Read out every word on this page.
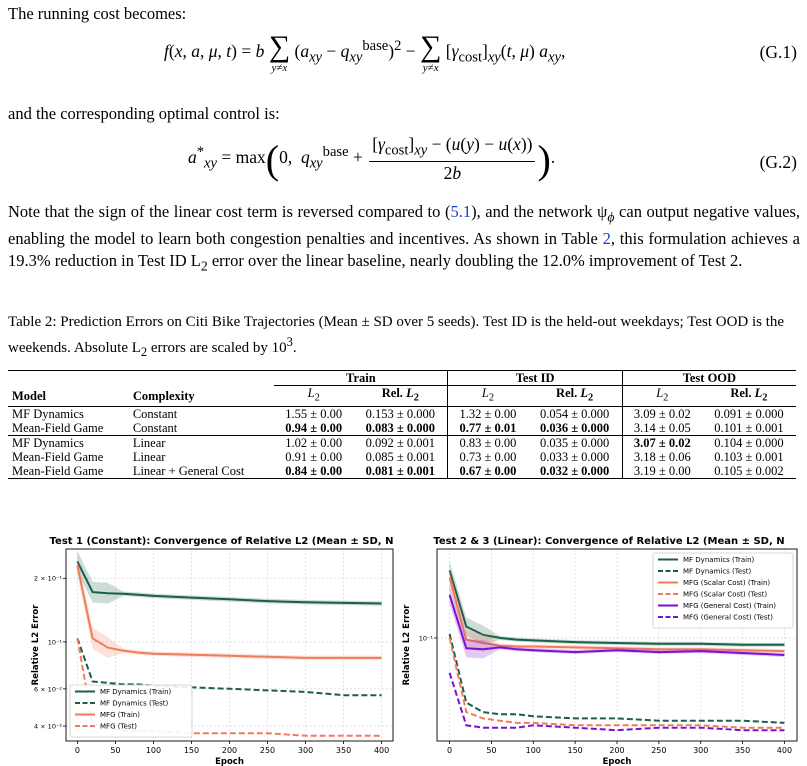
The running cost becomes:

f(x, a, μ, t) = b ∑
y≠x
$(a_{xy} - q_{xy}^{base})^2$ − ∑
y≠x
$[\gamma_{cost}]_{xy}(t$, μ) $a_{xy}$,	(G.1)

and the corresponding optimal control is:

$a^*_{xy} = \max(0$,  $q_{xy}^{base} + \frac{[\gamma_{cost}]_{xy} - (u(y) - u(x))}{2b}$ ).	(G.2)

Note that the sign of the linear cost term is reversed compared to (5.1), and the network $\psi_\phi$ can output negative values, enabling the model to learn both congestion penalties and incentives. As shown in Table 2, this formulation achieves a 19.3% reduction in Test ID $L_2$ error over the linear baseline, nearly doubling the 12.0% improvement of Test 2.

Table 2: Prediction Errors on Citi Bike Trajectories (Mean ± SD over 5 seeds). Test ID is the held-out weekdays; Test OOD is the weekends. Absolute $L_2$ errors are scaled by $10^3$.
		Train		Test ID		Test OOD	
Model	Complexity	$L_2$	Rel. $L_2$	$L_2$	Rel. $L_2$	$L_2$	Rel. $L_2$
MF Dynamics	Constant	1.55 ± 0.00	0.153 ± 0.000	1.32 ± 0.00	0.054 ± 0.000	3.09 ± 0.02	0.091 ± 0.000
Mean-Field Game	Constant	0.94 ± 0.00	0.083 ± 0.000	0.77 ± 0.01	0.036 ± 0.000	3.14 ± 0.05	0.101 ± 0.001
MF Dynamics	Linear	1.02 ± 0.00	0.092 ± 0.001	0.83 ± 0.00	0.035 ± 0.000	3.07 ± 0.02	0.104 ± 0.000
Mean-Field Game	Linear	0.91 ± 0.00	0.085 ± 0.001	0.73 ± 0.00	0.033 ± 0.000	3.18 ± 0.06	0.103 ± 0.001
Mean-Field Game	Linear + General Cost	0.84 ± 0.00	0.081 ± 0.001	0.67 ± 0.00	0.032 ± 0.000	3.19 ± 0.00	0.105 ± 0.002
Test 1 (Constant): Convergence of Relative L2 (Mean ± SD, N
0	50	100	150	200	250	300	350	400
4 × 10⁻²
6 × 10⁻²
10⁻¹
2 × 10⁻¹
Epoch
Relative L2 Error
MF Dynamics (Train)
MF Dynamics (Test)
MFG (Train)
MFG (Test)
Test 2 & 3 (Linear): Convergence of Relative L2 (Mean ± SD, N
0	50	100	150	200	250	300	350	400
10⁻¹
Epoch
Relative L2 Error
MF Dynamics (Train)
MF Dynamics (Test)
MFG (Scalar Cost) (Train)
MFG (Scalar Cost) (Test)
MFG (General Cost) (Train)
MFG (General Cost) (Test)
